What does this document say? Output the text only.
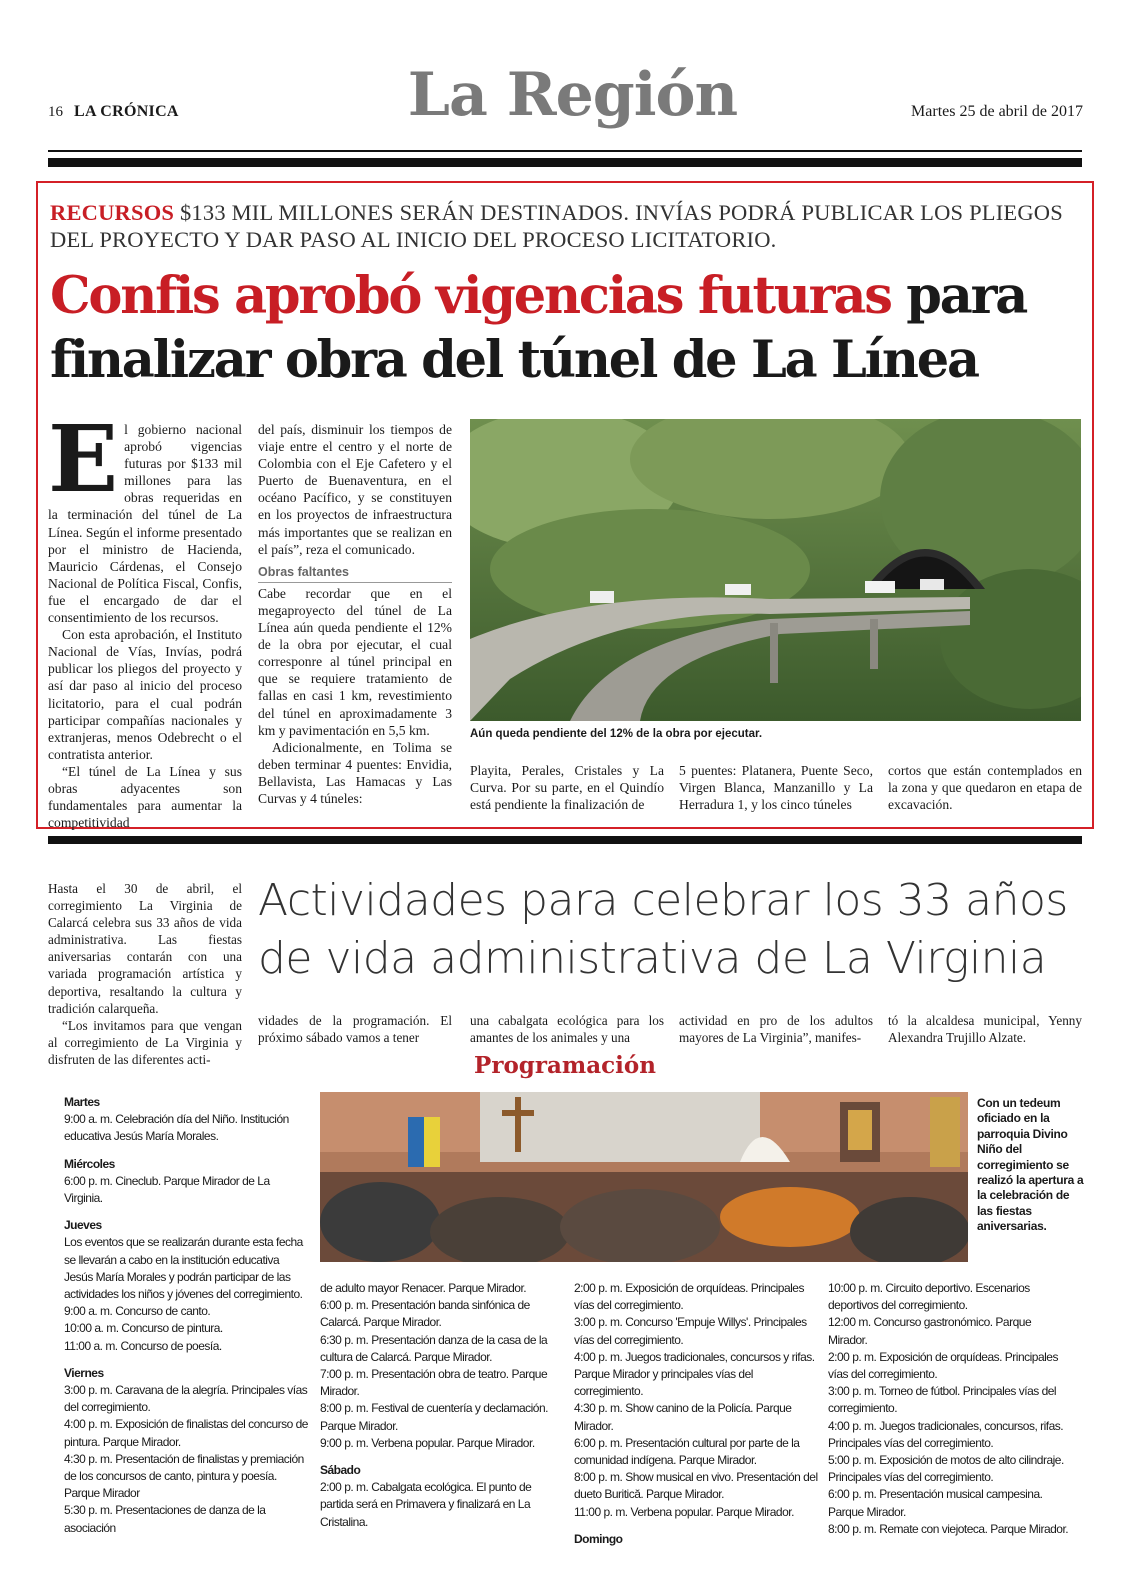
16 LA CRÓNICA	La Región	Martes 25 de abril de 2017
RECURSOS $133 MIL MILLONES SERÁN DESTINADOS. INVÍAS PODRÁ PUBLICAR LOS PLIEGOS DEL PROYECTO Y DAR PASO AL INICIO DEL PROCESO LICITATORIO.
Confis aprobó vigencias futuras para finalizar obra del túnel de La Línea

El gobierno nacional aprobó vigencias futuras por $133 mil millones para las obras requeridas en la terminación del túnel de La Línea. Según el informe presentado por el ministro de Hacienda, Mauricio Cárdenas, el Consejo Nacional de Política Fiscal, Confis, fue el encargado de dar el consentimiento de los recursos.

Con esta aprobación, el Instituto Nacional de Vías, Invías, podrá publicar los pliegos del proyecto y así dar paso al inicio del proceso licitatorio, para el cual podrán participar compañías nacionales y extranjeras, menos Odebrecht o el contratista anterior.

“El túnel de La Línea y sus obras adyacentes son fundamentales para aumentar la competitividad

del país, disminuir los tiempos de viaje entre el centro y el norte de Colombia con el Eje Cafetero y el Puerto de Buenaventura, en el océano Pacífico, y se constituyen en los proyectos de infraestructura más importantes que se realizan en el país”, reza el comunicado.

Obras faltantes

Cabe recordar que en el megaproyecto del túnel de La Línea aún queda pendiente el 12% de la obra por ejecutar, el cual corresponre al túnel principal en que se requiere tratamiento de fallas en casi 1 km, revestimiento del túnel en aproximadamente 3 km y pavimentación en 5,5 km.

Adicionalmente, en Tolima se deben terminar 4 puentes: Envidia, Bellavista, Las Hamacas y Las Curvas y 4 túneles:

Aún queda pendiente del 12% de la obra por ejecutar.

Playita, Perales, Cristales y La Curva. Por su parte, en el Quindío está pendiente la finalización de

5 puentes: Platanera, Puente Seco, Virgen Blanca, Manzanillo y La Herradura 1, y los cinco túneles

cortos que están contemplados en la zona y que quedaron en etapa de excavación.

Hasta el 30 de abril, el corregimiento La Virginia de Calarcá celebra sus 33 años de vida administrativa. Las fiestas aniversarias contarán con una variada programación artística y deportiva, resaltando la cultura y tradición calarqueña.

“Los invitamos para que vengan al corregimiento de La Virginia y disfruten de las diferentes acti-

Actividades para celebrar los 33 años de vida administrativa de La Virginia

vidades de la programación. El próximo sábado vamos a tener

una cabalgata ecológica para los amantes de los animales y una

actividad en pro de los adultos mayores de La Virginia”, manifes-

tó la alcaldesa municipal, Yenny Alexandra Trujillo Alzate.

Programación
Con un tedeum oficiado en la parroquia Divino Niño del corregimiento se realizó la apertura a la celebración de las fiestas aniversarias.
Martes
9:00 a. m. Celebración día del Niño. Institución educativa Jesús María Morales.
Miércoles
6:00 p. m. Cineclub. Parque Mirador de La Virginia.
Jueves
Los eventos que se realizarán durante esta fecha se llevarán a cabo en la institución educativa Jesús María Morales y podrán participar de las actividades los niños y jóvenes del corregimiento.
9:00 a. m. Concurso de canto.
10:00 a. m. Concurso de pintura.
11:00 a. m. Concurso de poesía.
Viernes
3:00 p. m. Caravana de la alegría. Principales vías del corregimiento.
4:00 p. m. Exposición de finalistas del concurso de pintura. Parque Mirador.
4:30 p. m. Presentación de finalistas y premiación de los concursos de canto, pintura y poesía. Parque Mirador
5:30 p. m. Presentaciones de danza de la asociación
de adulto mayor Renacer. Parque Mirador.
6:00 p. m. Presentación banda sinfónica de Calarcá. Parque Mirador.
6:30 p. m. Presentación danza de la casa de la cultura de Calarcá. Parque Mirador.
7:00 p. m. Presentación obra de teatro. Parque Mirador.
8:00 p. m. Festival de cuentería y declamación. Parque Mirador.
9:00 p. m. Verbena popular. Parque Mirador.
Sábado
2:00 p. m. Cabalgata ecológica. El punto de partida será en Primavera y finalizará en La Cristalina.
2:00 p. m. Exposición de orquídeas. Principales vías del corregimiento.
3:00 p. m. Concurso 'Empuje Willys'. Principales vías del corregimiento.
4:00 p. m. Juegos tradicionales, concursos y rifas. Parque Mirador y principales vías del corregimiento.
4:30 p. m. Show canino de la Policía. Parque Mirador.
6:00 p. m. Presentación cultural por parte de la comunidad indígena. Parque Mirador.
8:00 p. m. Show musical en vivo. Presentación del dueto Buritică. Parque Mirador.
11:00 p. m. Verbena popular. Parque Mirador.
Domingo
10:00 p. m. Circuito deportivo. Escenarios deportivos del corregimiento.
12:00 m. Concurso gastronómico. Parque Mirador.
2:00 p. m. Exposición de orquídeas. Principales vías del corregimiento.
3:00 p. m. Torneo de fútbol. Principales vías del corregimiento.
4:00 p. m. Juegos tradicionales, concursos, rifas. Principales vías del corregimiento.
5:00 p. m. Exposición de motos de alto cilindraje. Principales vías del corregimiento.
6:00 p. m. Presentación musical campesina. Parque Mirador.
8:00 p. m. Remate con viejoteca. Parque Mirador.
